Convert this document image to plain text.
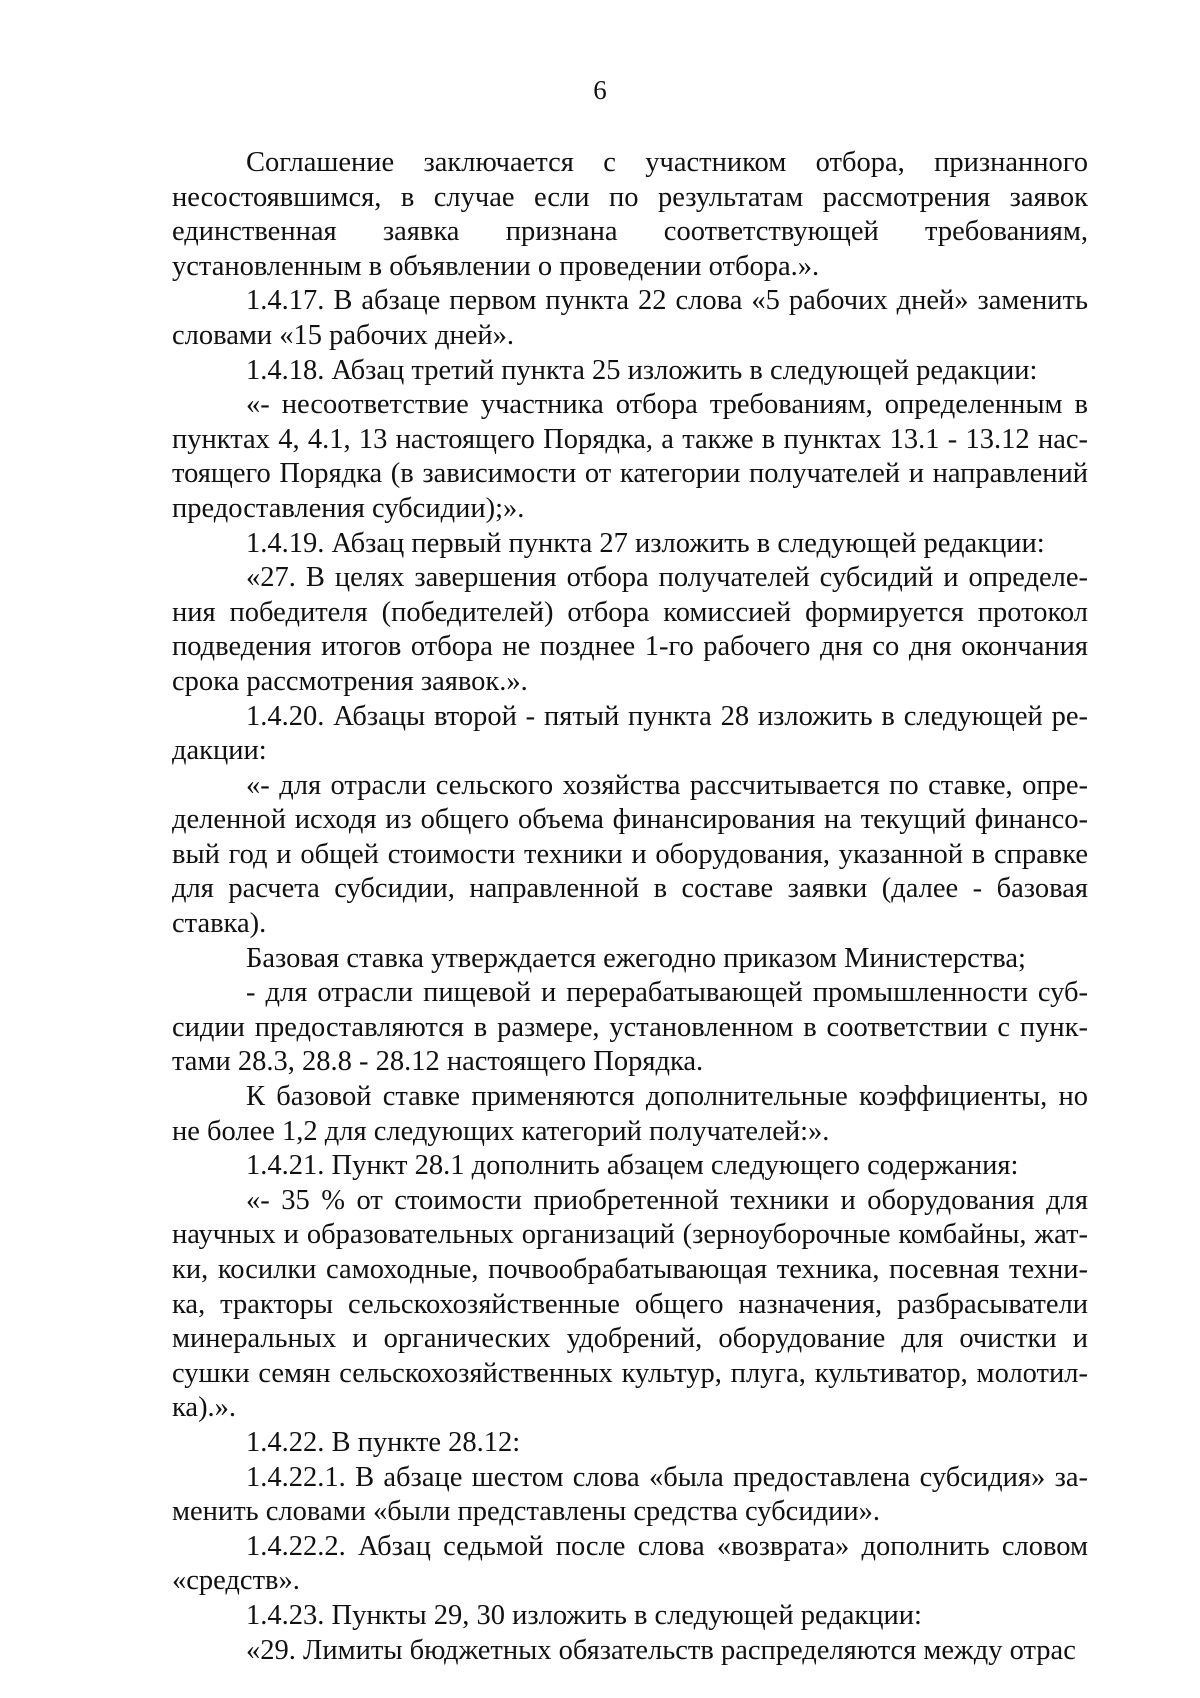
6

Соглашение заключается с участником отбора, признанного несостоявшимся, в случае если по результатам рассмотрения заявок единственная заявка признана соответствующей требованиям, установленным в объявлении о проведении отбора.».

1.4.17. В абзаце первом пункта 22 слова «5 рабочих дней» заменить словами «15 рабочих дней».

1.4.18. Абзац третий пункта 25 изложить в следующей редакции:

«- несоответствие участника отбора требованиям, определенным в пунктах 4, 4.1, 13 настоящего Порядка, а также в пунктах 13.1 - 13.12 настоящего Порядка (в зависимости от категории получателей и направлений предоставления субсидии);».

1.4.19. Абзац первый пункта 27 изложить в следующей редакции:

«27. В целях завершения отбора получателей субсидий и определения победителя (победителей) отбора комиссией формируется протокол подведения итогов отбора не позднее 1-го рабочего дня со дня окончания срока рассмотрения заявок.».

1.4.20. Абзацы второй - пятый пункта 28 изложить в следующей редакции:

«- для отрасли сельского хозяйства рассчитывается по ставке, определенной исходя из общего объема финансирования на текущий финансовый год и общей стоимости техники и оборудования, указанной в справке для расчета субсидии, направленной в составе заявки (далее - базовая ставка).

Базовая ставка утверждается ежегодно приказом Министерства;

- для отрасли пищевой и перерабатывающей промышленности субсидии предоставляются в размере, установленном в соответствии с пунктами 28.3, 28.8 - 28.12 настоящего Порядка.

К базовой ставке применяются дополнительные коэффициенты, но не более 1,2 для следующих категорий получателей:».

1.4.21. Пункт 28.1 дополнить абзацем следующего содержания:

«- 35 % от стоимости приобретенной техники и оборудования для научных и образовательных организаций (зерноуборочные комбайны, жатки, косилки самоходные, почвообрабатывающая техника, посевная техника, тракторы сельскохозяйственные общего назначения, разбрасыватели минеральных и органических удобрений, оборудование для очистки и сушки семян сельскохозяйственных культур, плуга, культиватор, молотилка).».

1.4.22. В пункте 28.12:

1.4.22.1. В абзаце шестом слова «была предоставлена субсидия» заменить словами «были представлены средства субсидии».

1.4.22.2. Абзац седьмой после слова «возврата» дополнить словом «средств».

1.4.23. Пункты 29, 30 изложить в следующей редакции:

«29. Лимиты бюджетных обязательств распределяются между отрас
